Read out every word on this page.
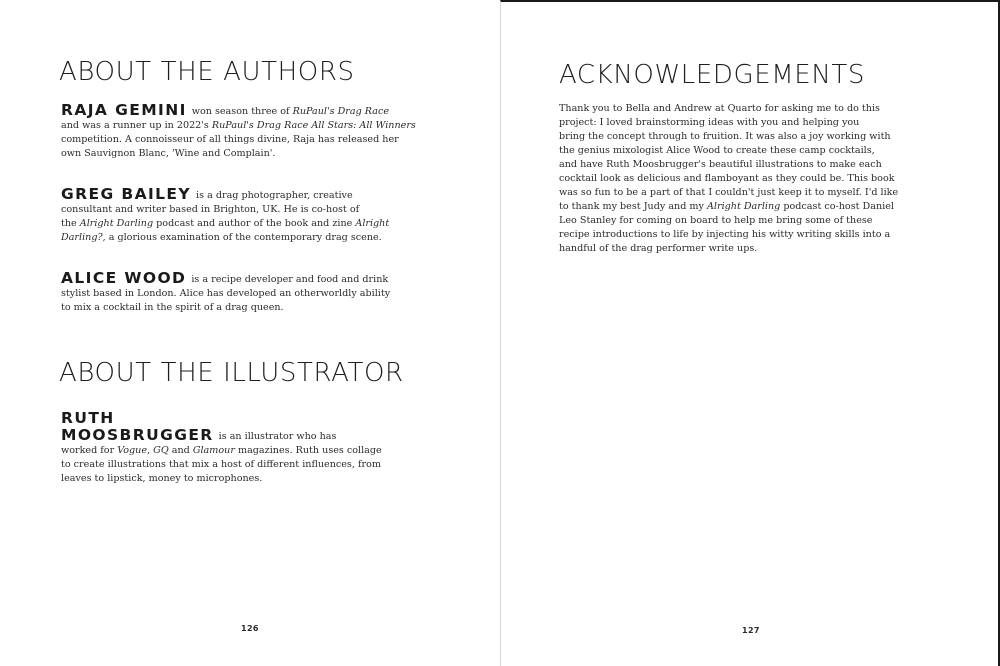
ABOUT THE AUTHORS

RAJA GEMINI won season three of RuPaul's Drag Race
and was a runner up in 2022's RuPaul's Drag Race All Stars: All Winners
competition. A connoisseur of all things divine, Raja has released her
own Sauvignon Blanc, 'Wine and Complain'.

GREG BAILEY is a drag photographer, creative
consultant and writer based in Brighton, UK. He is co-host of
the Alright Darling podcast and author of the book and zine Alright
Darling?, a glorious examination of the contemporary drag scene.

ALICE WOOD is a recipe developer and food and drink
stylist based in London. Alice has developed an otherworldly ability
to mix a cocktail in the spirit of a drag queen.

ABOUT THE ILLUSTRATOR

RUTH MOOSBRUGGER is an illustrator who has
worked for Vogue, GQ and Glamour magazines. Ruth uses collage
to create illustrations that mix a host of different influences, from
leaves to lipstick, money to microphones.

126
ACKNOWLEDGEMENTS

Thank you to Bella and Andrew at Quarto for asking me to do this
project: I loved brainstorming ideas with you and helping you
bring the concept through to fruition. It was also a joy working with
the genius mixologist Alice Wood to create these camp cocktails,
and have Ruth Moosbrugger's beautiful illustrations to make each
cocktail look as delicious and flamboyant as they could be. This book
was so fun to be a part of that I couldn't just keep it to myself. I'd like
to thank my best Judy and my Alright Darling podcast co-host Daniel
Leo Stanley for coming on board to help me bring some of these
recipe introductions to life by injecting his witty writing skills into a
handful of the drag performer write ups.

127
